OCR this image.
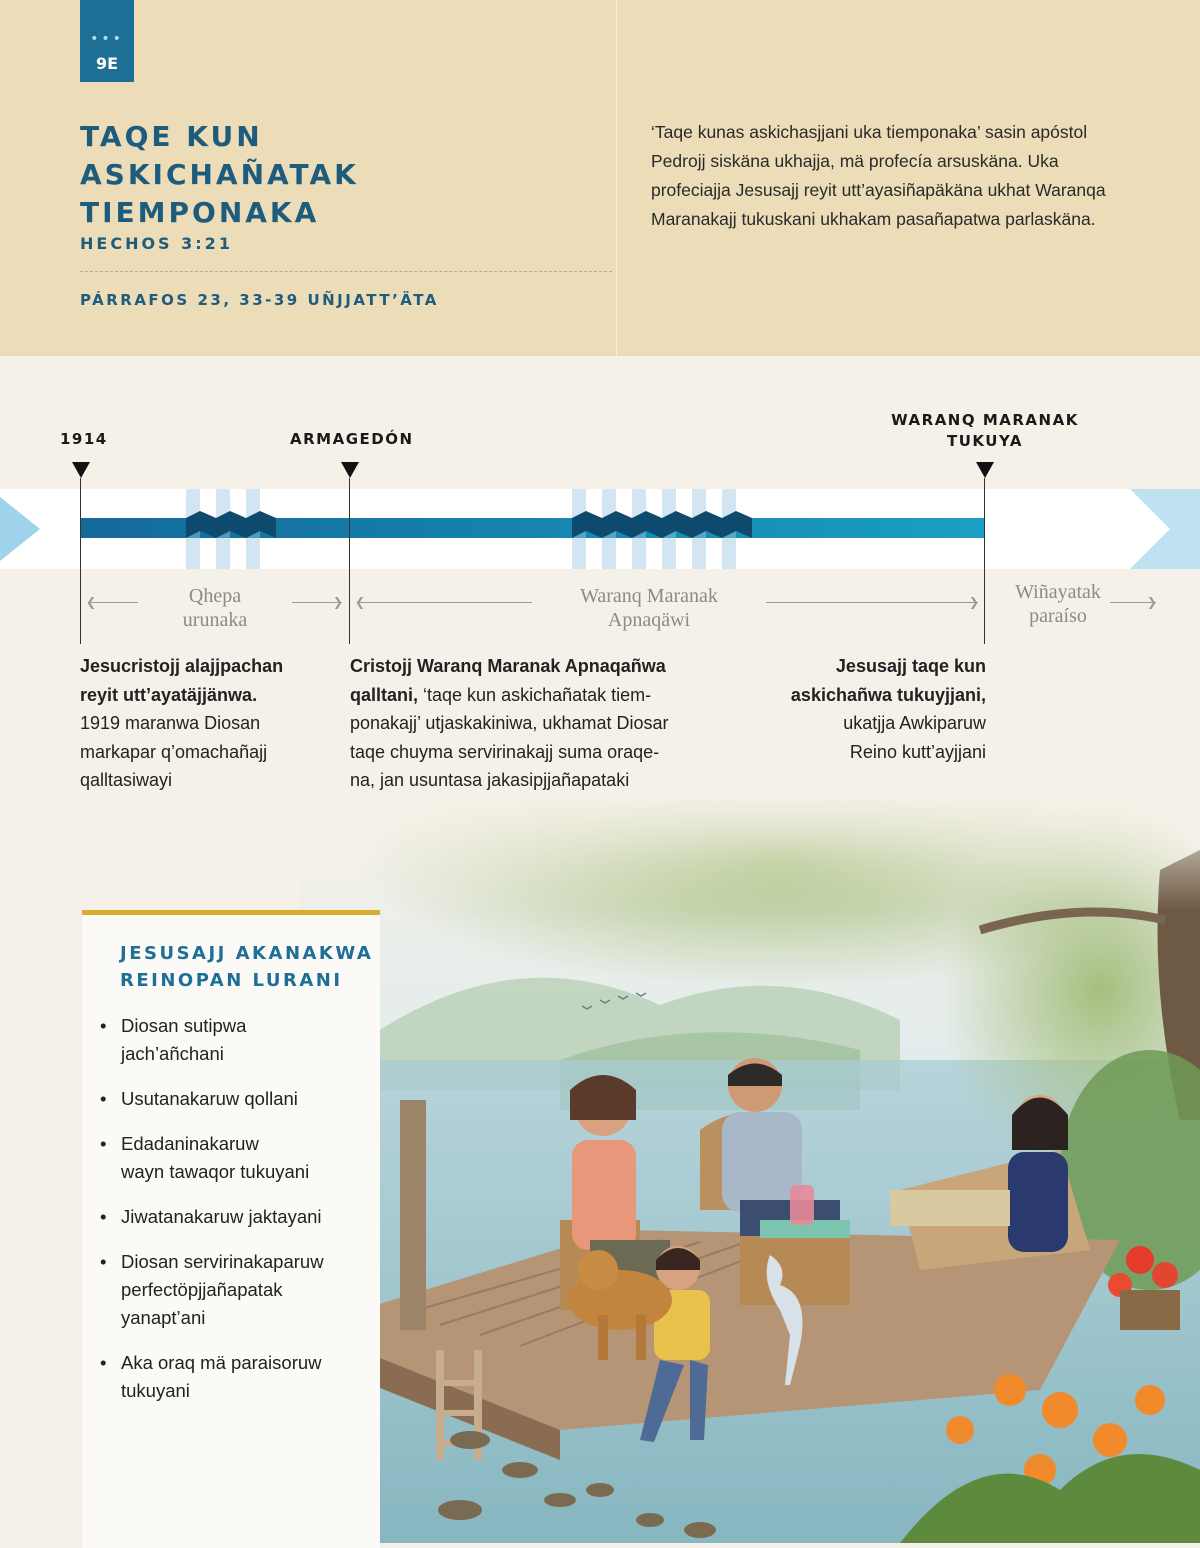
•••
9E
TAQE KUN
ASKICHAÑATAK
TIEMPONAKA
HECHOS 3:21
PÁRRAFOS 23, 33-39 UÑJJATT’ÄTA

‘Taqe kunas askichasjjani uka tiemponaka’ sasin apóstol Pedrojj siskäna ukhajja, mä profecía arsuskäna. Uka profeciajja Jesusajj reyit utt’ayasiñapäkäna ukhat Waranqa Maranakajj tukuskani ukhakam pasañapatwa parlaskäna.

1914	ARMAGEDÓN
WARANQ MARANAK TUKUYA
❮	❯
Qhepa
urunaka
❮	❯
Waranq Maranak
Apnaqäwi
Wiñayatak
paraíso
❯
Jesucristojj alajjpachan
reyit utt’ayatäjjänwa.
1919 maranwa Diosan
markapar q’omachañajj
qalltasiwayi
Cristojj Waranq Maranak Apnaqañwa
qalltani, ‘taqe kun askichañatak tiem-
ponakajj’ utjaskakiniwa, ukhamat Diosar
taqe chuyma servirinakajj suma oraqe-
na, jan usuntasa jakasipjjañapataki
Jesusajj taqe kun
askichañwa tukuyjjani,
ukatjja Awkiparuw
Reino kutt’ayjjani
JESUSAJJ AKANAKWA
REINOPAN LURANI
• Diosan sutipwa
jach’añchani
• Usutanakaruw qollani
• Edadaninakaruw
wayn tawaqor tukuyani
• Jiwatanakaruw jaktayani
• Diosan servirinakaparuw
perfectöpjjañapatak
yanapt’ani
• Aka oraq mä paraisoruw
tukuyani
